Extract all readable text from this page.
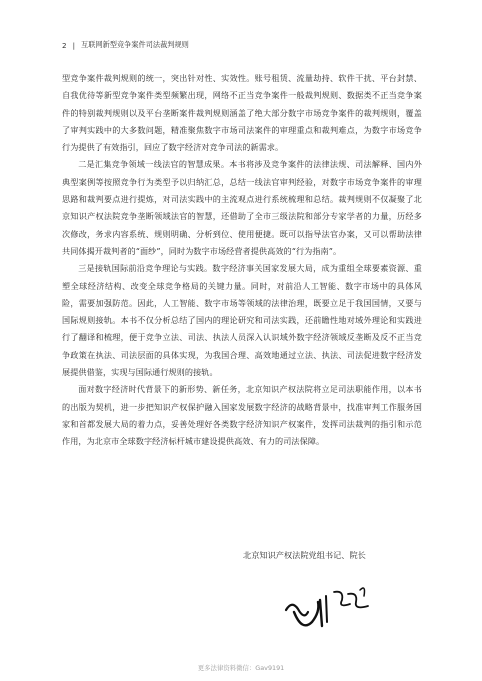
2 | 互联网新型竞争案件司法裁判规则

型竞争案件裁判规则的统一，突出针对性、实效性。账号租赁、流量劫持、软件干扰、平台封禁、自我优待等新型竞争案件类型频繁出现，网络不正当竞争案件一般裁判规则、数据类不正当竞争案件的特别裁判规则以及平台垄断案件裁判规则涵盖了绝大部分数字市场竞争案件的裁判规则，覆盖了审判实践中的大多数问题，精准聚焦数字市场司法案件的审理重点和裁判难点，为数字市场竞争行为提供了有效指引，回应了数字经济对竞争司法的新需求。

二是汇集竞争领域一线法官的智慧成果。本书将涉及竞争案件的法律法规、司法解释、国内外典型案例等按照竞争行为类型予以归纳汇总，总结一线法官审判经验，对数字市场竞争案件的审理思路和裁判要点进行提炼，对司法实践中的主流观点进行系统梳理和总结。裁判规则不仅凝聚了北京知识产权法院竞争垄断领域法官的智慧，还借助了全市三级法院和部分专家学者的力量，历经多次修改，务求内容系统、规则明确、分析到位、使用便捷。既可以指导法官办案，又可以帮助法律共同体揭开裁判者的“面纱”，同时为数字市场经营者提供高效的“行为指南”。

三是接轨国际前沿竞争理论与实践。数字经济事关国家发展大局，成为重组全球要素资源、重塑全球经济结构、改变全球竞争格局的关键力量。同时，对前沿人工智能、数字市场中的具体风险，需要加强防范。因此，人工智能、数字市场等领域的法律治理，既要立足于我国国情，又要与国际规则接轨。本书不仅分析总结了国内的理论研究和司法实践，还前瞻性地对域外理论和实践进行了翻译和梳理，便于竞争立法、司法、执法人员深入认识域外数字经济领域反垄断及反不正当竞争政策在执法、司法层面的具体实现，为我国合理、高效地通过立法、执法、司法促进数字经济发展提供借鉴，实现与国际通行规则的接轨。

面对数字经济时代背景下的新形势、新任务，北京知识产权法院将立足司法职能作用，以本书的出版为契机，进一步把知识产权保护融入国家发展数字经济的战略背景中，找准审判工作服务国家和首都发展大局的着力点，妥善处理好各类数字经济知识产权案件，发挥司法裁判的指引和示范作用，为北京市全球数字经济标杆城市建设提供高效、有力的司法保障。

北京知识产权法院党组书记、院长
更多法律资料微信：Gav9191
